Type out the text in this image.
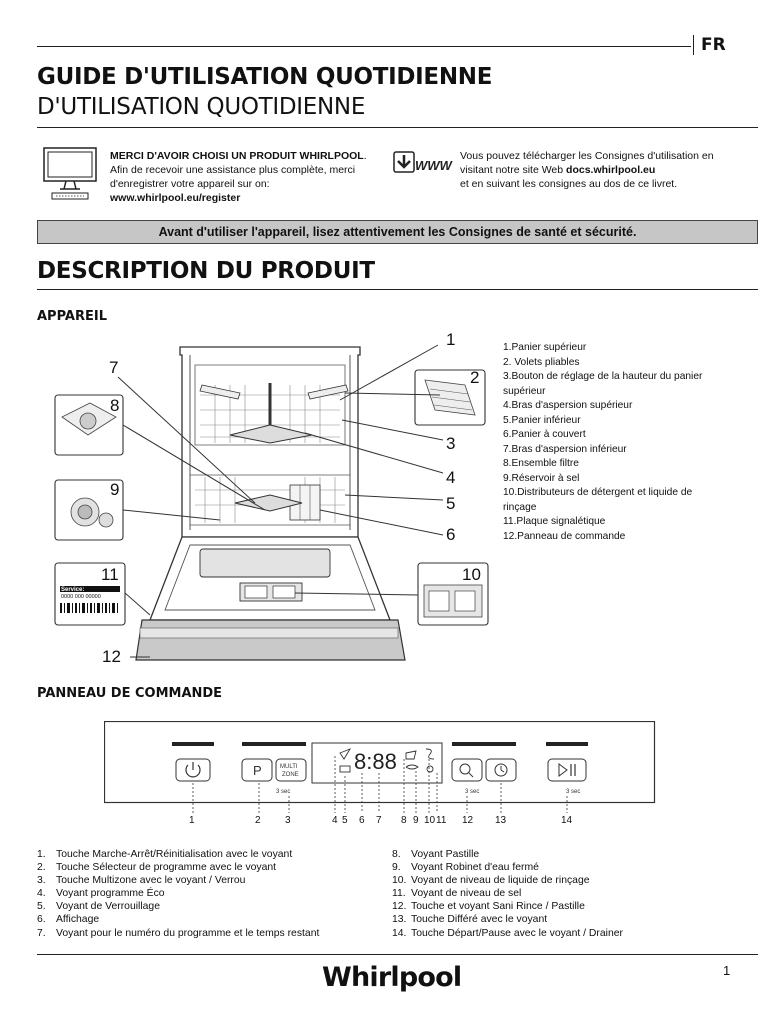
FR
GUIDE D'UTILISATION QUOTIDIENNE
D'UTILISATION QUOTIDIENNE
MERCI D'AVOIR CHOISI UN PRODUIT WHIRLPOOL.
Afin de recevoir une assistance plus complète, merci
d'enregistrer votre appareil sur on:
www.whirlpool.eu/register
WWW
Vous pouvez télécharger les Consignes d'utilisation en
visitant notre site Web docs.whirlpool.eu
et en suivant les consignes au dos de ce livret.
Avant d'utiliser l'appareil, lisez attentivement les Consignes de santé et sécurité.
DESCRIPTION DU PRODUIT
APPAREIL
Service:
0000 000 00000
1
2
3
4
5
6
7
8
9
10
11
12
1.Panier supérieur
2. Volets pliables
3.Bouton de réglage de la hauteur du panier
supérieur
4.Bras d'aspersion supérieur
5.Panier inférieur
6.Panier à couvert
7.Bras d'aspersion inférieur
8.Ensemble filtre
9.Réservoir à sel
10.Distributeurs de détergent et liquide de
rinçage
11.Plaque signalétique
12.Panneau de commande
PANNEAU DE COMMANDE
P	MULTI
ZONE
3 sec
8:88
3 sec	3 sec
1	2 3	4 5 6 7 8 9 10 11 12 13	14
1. Touche Marche-Arrêt/Réinitialisation avec le voyant
2. Touche Sélecteur de programme avec le voyant
3. Touche Multizone avec le voyant / Verrou
4. Voyant programme Éco
5. Voyant de Verrouillage
6. Affichage
7. Voyant pour le numéro du programme et le temps restant
8. Voyant Pastille
9. Voyant Robinet d'eau fermé
10. Voyant de niveau de liquide de rinçage
11. Voyant de niveau de sel
12. Touche et voyant Sani Rince / Pastille
13. Touche Différé avec le voyant
14. Touche Départ/Pause avec le voyant / Drainer
Whirlpool	1
